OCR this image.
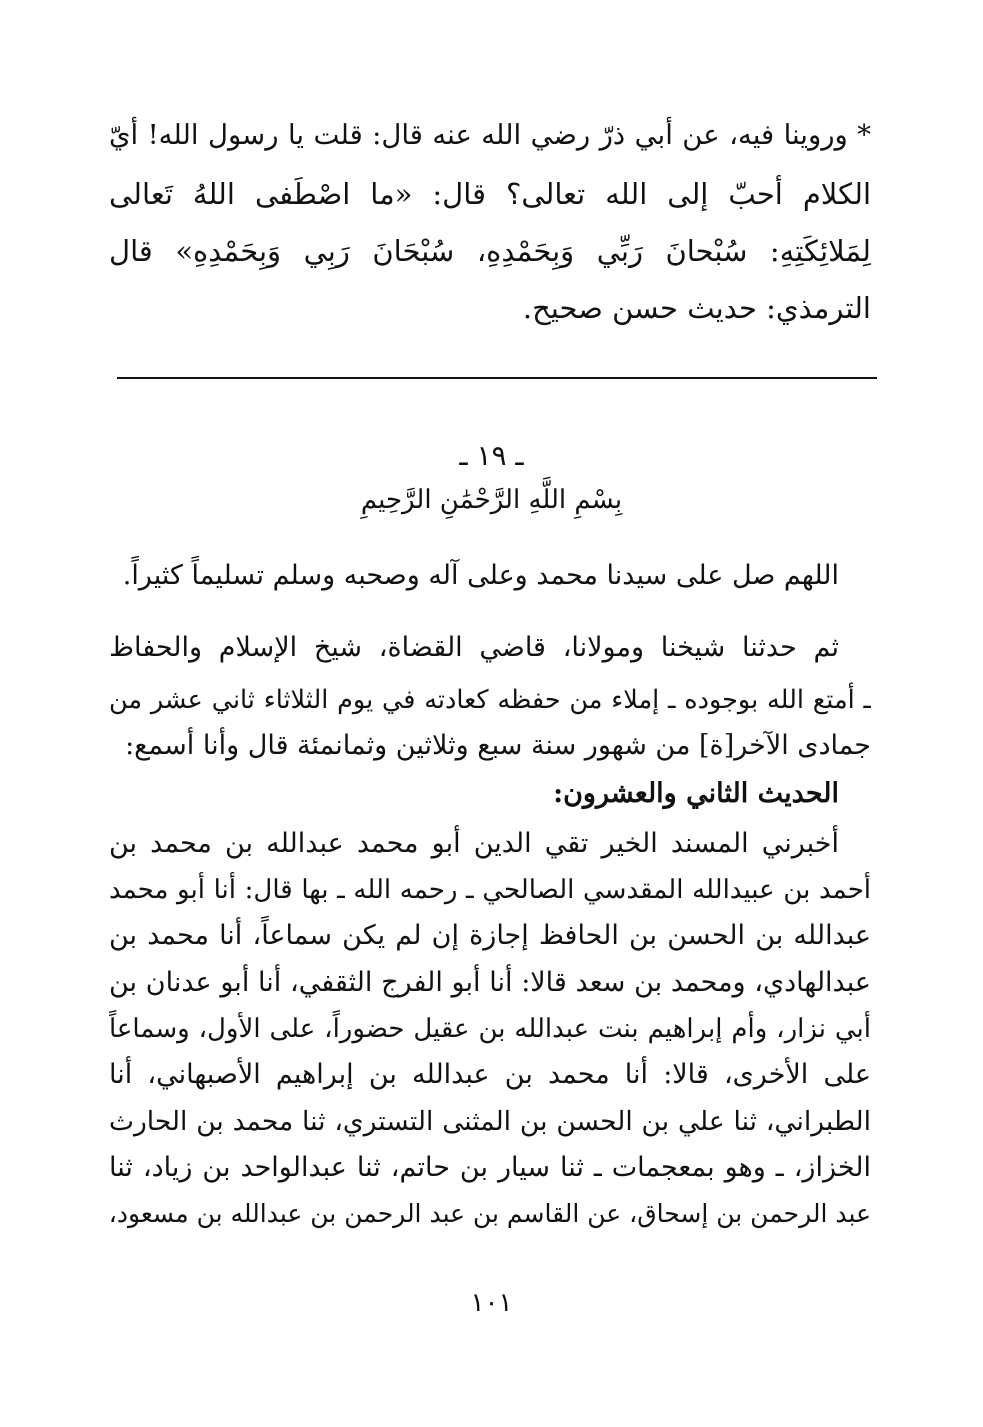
* وروينا فيه، عن أبي ذرّ رضي الله عنه قال: قلت يا رسول الله! أيّ
الكلام أحبّ إلى الله تعالى؟ قال: «ما اصْطَفى اللهُ تَعالى
لِمَلائِكَتِهِ: سُبْحانَ رَبِّي وَبِحَمْدِهِ، سُبْحَانَ رَبِي وَبِحَمْدِهِ» قال
الترمذي: حديث حسن صحيح.
ـ ١٩ ـ
بِسْمِ اللَّهِ الرَّحْمَٰنِ الرَّحِيمِ
اللهم صل على سيدنا محمد وعلى آله وصحبه وسلم تسليماً كثيراً.
ثم حدثنا شيخنا ومولانا، قاضي القضاة، شيخ الإسلام والحفاظ
ـ أمتع الله بوجوده ـ إملاء من حفظه كعادته في يوم الثلاثاء ثاني عشر من
جمادى الآخر[ة] من شهور سنة سبع وثلاثين وثمانمئة قال وأنا أسمع:
الحديث الثاني والعشرون:
أخبرني المسند الخير تقي الدين أبو محمد عبدالله بن محمد بن
أحمد بن عبيدالله المقدسي الصالحي ـ رحمه الله ـ بها قال: أنا أبو محمد
عبدالله بن الحسن بن الحافظ إجازة إن لم يكن سماعاً، أنا محمد بن
عبدالهادي، ومحمد بن سعد قالا: أنا أبو الفرج الثقفي، أنا أبو عدنان بن
أبي نزار، وأم إبراهيم بنت عبدالله بن عقيل حضوراً، على الأول، وسماعاً
على الأخرى، قالا: أنا محمد بن عبدالله بن إبراهيم الأصبهاني، أنا
الطبراني، ثنا علي بن الحسن بن المثنى التستري، ثنا محمد بن الحارث
الخزاز، ـ وهو بمعجمات ـ ثنا سيار بن حاتم، ثنا عبدالواحد بن زياد، ثنا
عبد الرحمن بن إسحاق، عن القاسم بن عبد الرحمن بن عبدالله بن مسعود،
١٠١
